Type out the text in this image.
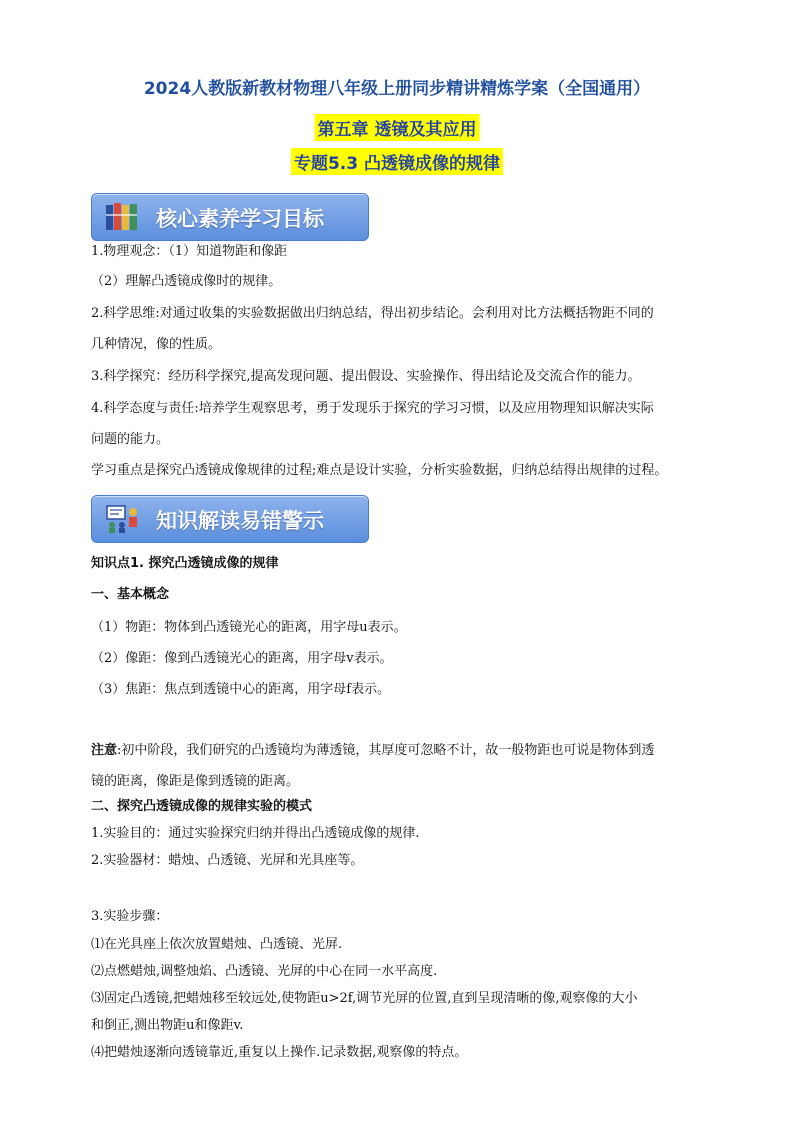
2024人教版新教材物理八年级上册同步精讲精炼学案（全国通用）
第五章 透镜及其应用
专题5.3 凸透镜成像的规律
核心素养学习目标
1.物理观念：（1）知道物距和像距
（2）理解凸透镜成像时的规律。
2.科学思维:对通过收集的实验数据做出归纳总结，得出初步结论。会利用对比方法概括物距不同的
几种情况，像的性质。
3.科学探究：经历科学探究,提高发现问题、提出假设、实验操作、得出结论及交流合作的能力。
4.科学态度与责任:培养学生观察思考，勇于发现乐于探究的学习习惯，以及应用物理知识解决实际
问题的能力。
学习重点是探究凸透镜成像规律的过程;难点是设计实验，分析实验数据，归纳总结得出规律的过程。
知识解读易错警示
知识点1. 探究凸透镜成像的规律
一、基本概念
（1）物距：物体到凸透镜光心的距离，用字母u表示。
（2）像距：像到凸透镜光心的距离，用字母v表示。
（3）焦距：焦点到透镜中心的距离，用字母f表示。
注意:初中阶段，我们研究的凸透镜均为薄透镜，其厚度可忽略不计，故一般物距也可说是物体到透
镜的距离，像距是像到透镜的距离。
二、探究凸透镜成像的规律实验的模式
1.实验目的：通过实验探究归纳并得出凸透镜成像的规律.
2.实验器材：蜡烛、凸透镜、光屏和光具座等。
3.实验步骤：
⑴在光具座上依次放置蜡烛、凸透镜、光屏.
⑵点燃蜡烛,调整烛焰、凸透镜、光屏的中心在同一水平高度.
⑶固定凸透镜,把蜡烛移至较远处,使物距u>2f,调节光屏的位置,直到呈现清晰的像,观察像的大小
和倒正,测出物距u和像距v.
⑷把蜡烛逐渐向透镜靠近,重复以上操作.记录数据,观察像的特点。
